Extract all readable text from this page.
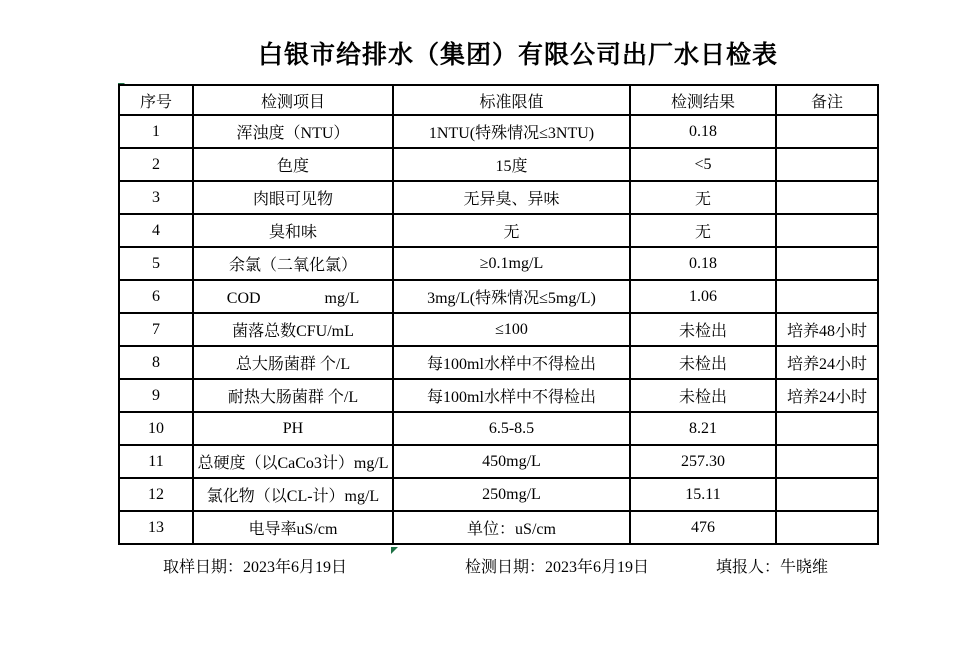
白银市给排水（集团）有限公司出厂水日检表
序号	检测项目	标准限值	检测结果	备注
1	浑浊度（NTU）	1NTU(特殊情况≤3NTU)	0.18	
2	色度	15度	<5	
3	肉眼可见物	无异臭、异味	无	
4	臭和味	无	无	
5	余氯（二氧化氯）	≥0.1mg/L	0.18	
6	COD　　　　mg/L	3mg/L(特殊情况≤5mg/L)	1.06	
7	菌落总数CFU/mL	≤100	未检出	培养48小时
8	总大肠菌群 个/L	每100ml水样中不得检出	未检出	培养24小时
9	耐热大肠菌群 个/L	每100ml水样中不得检出	未检出	培养24小时
10	PH	6.5-8.5	8.21	
11	总硬度（以CaCo3计）mg/L	450mg/L	257.30	
12	氯化物（以CL-计）mg/L	250mg/L	15.11	
13	电导率uS/cm	单位：uS/cm	476	
取样日期：2023年6月19日	检测日期：2023年6月19日	填报人：牛晓维
